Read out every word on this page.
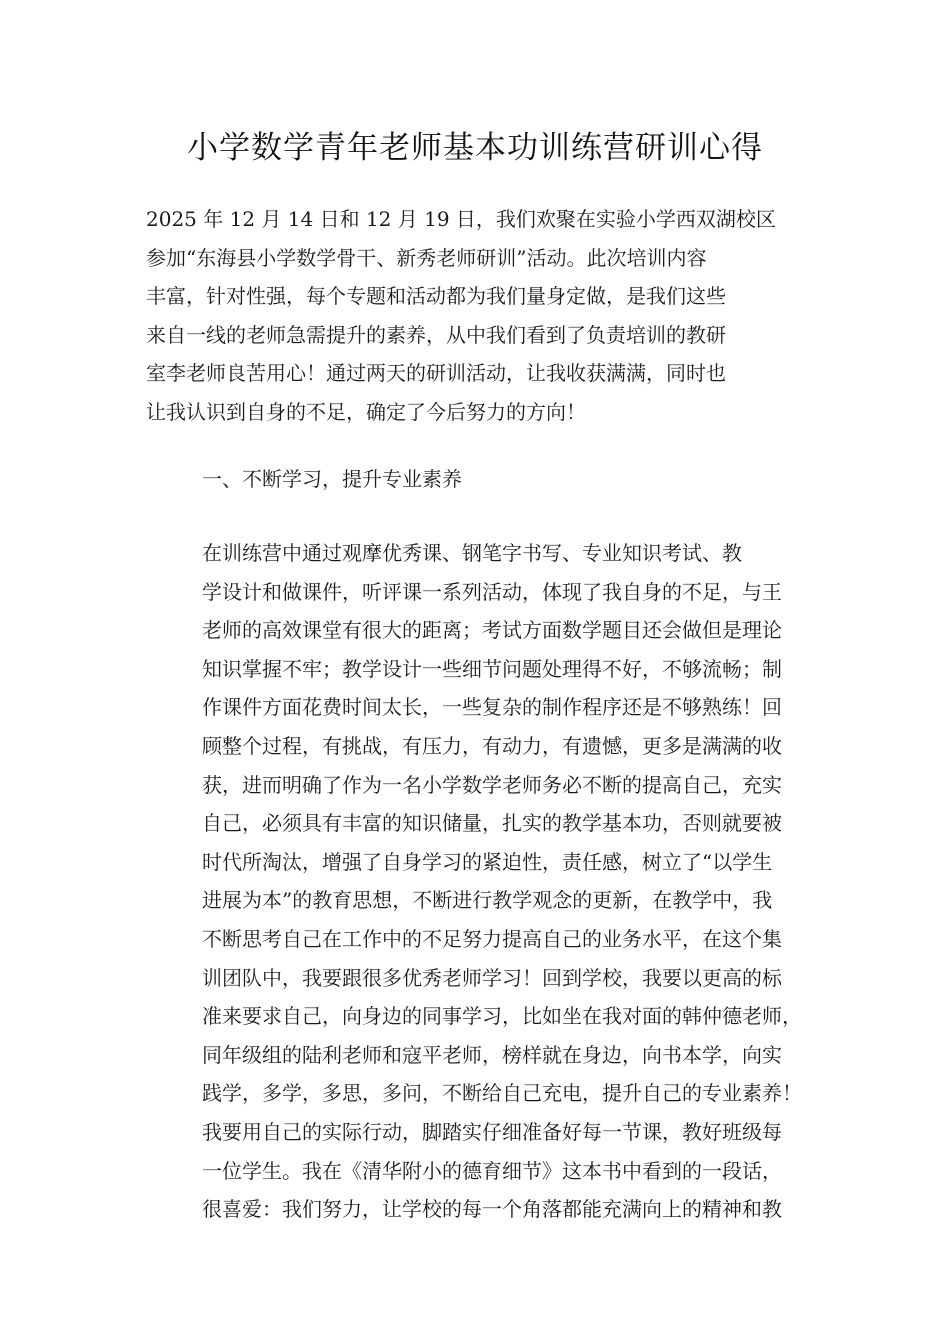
小学数学青年老师基本功训练营研训心得

2025 年 12 月 14 日和 12 月 19 日，我们欢聚在实验小学西双湖校区
参加“东海县小学数学骨干、新秀老师研训”活动。此次培训内容
丰富，针对性强，每个专题和活动都为我们量身定做，是我们这些
来自一线的老师急需提升的素养，从中我们看到了负责培训的教研
室李老师良苦用心！通过两天的研训活动，让我收获满满，同时也
让我认识到自身的不足，确定了今后努力的方向！

一、不断学习，提升专业素养

在训练营中通过观摩优秀课、钢笔字书写、专业知识考试、教
学设计和做课件，听评课一系列活动，体现了我自身的不足，与王
老师的高效课堂有很大的距离；考试方面数学题目还会做但是理论
知识掌握不牢；教学设计一些细节问题处理得不好，不够流畅；制
作课件方面花费时间太长，一些复杂的制作程序还是不够熟练！回
顾整个过程，有挑战，有压力，有动力，有遗憾，更多是满满的收
获，进而明确了作为一名小学数学老师务必不断的提高自己，充实
自己，必须具有丰富的知识储量，扎实的教学基本功，否则就要被
时代所淘汰，增强了自身学习的紧迫性，责任感，树立了“以学生
进展为本”的教育思想，不断进行教学观念的更新，在教学中，我
不断思考自己在工作中的不足努力提高自己的业务水平，在这个集
训团队中，我要跟很多优秀老师学习！回到学校，我要以更高的标
准来要求自己，向身边的同事学习，比如坐在我对面的韩仲德老师，
同年级组的陆利老师和寇平老师，榜样就在身边，向书本学，向实
践学，多学，多思，多问，不断给自己充电，提升自己的专业素养！
我要用自己的实际行动，脚踏实仔细准备好每一节课，教好班级每
一位学生。我在《清华附小的德育细节》这本书中看到的一段话，
很喜爱：我们努力，让学校的每一个角落都能充满向上的精神和教
